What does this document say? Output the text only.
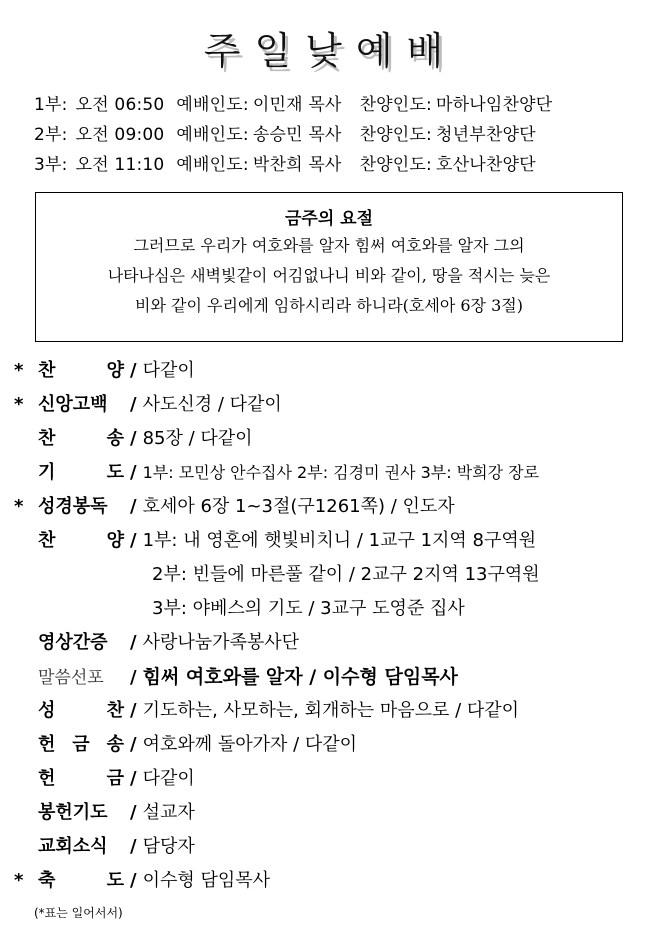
주일낮예배
1부: 오전 06:50 예배인도: 이민재 목사 찬양인도: 마하나임찬양단
2부: 오전 09:00 예배인도: 송승민 목사 찬양인도: 청년부찬양단
3부: 오전 11:10 예배인도: 박찬희 목사 찬양인도: 호산나찬양단
금주의 요절
그러므로 우리가 여호와를 알자 힘써 여호와를 알자 그의
나타나심은 새벽빛같이 어김없나니 비와 같이, 땅을 적시는 늦은
비와 같이 우리에게 임하시리라 하니라(호세아 6장 3절)
* 찬 양 / 다같이
* 신앙고백 / 사도신경 / 다같이
찬 송 / 85장 / 다같이
기 도 / 1부: 모민상 안수집사 2부: 김경미 권사 3부: 박희강 장로
* 성경봉독 / 호세아 6장 1~3절(구1261쪽) / 인도자
찬 양 / 1부: 내 영혼에 햇빛비치니 / 1교구 1지역 8구역원
2부: 빈들에 마른풀 같이 / 2교구 2지역 13구역원
3부: 야베스의 기도 / 3교구 도영준 집사
영상간증 / 사랑나눔가족봉사단
말씀선포 / 힘써 여호와를 알자 / 이수형 담임목사
성 찬 / 기도하는, 사모하는, 회개하는 마음으로 / 다같이
헌 금 송 / 여호와께 돌아가자 / 다같이
헌 금 / 다같이
봉헌기도 / 설교자
교회소식 / 담당자
* 축 도 / 이수형 담임목사
(*표는 일어서서)
